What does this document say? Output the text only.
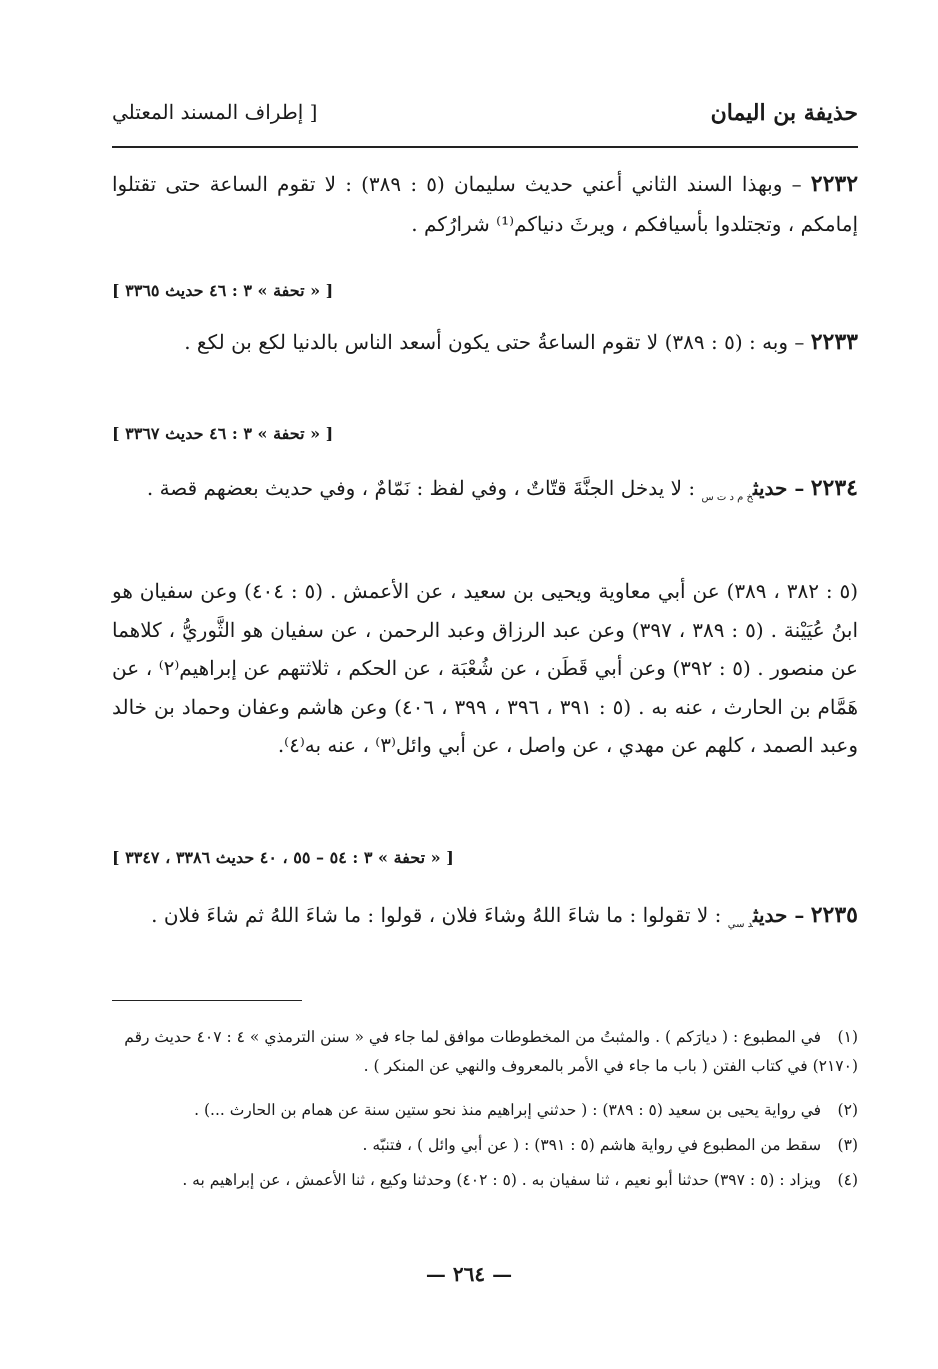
حذيفة بن اليمان
[ إطراف المسند المعتلي
٢٢٣٢ – وبهذا السند الثاني أعني حديث سليمان (٥ : ٣٨٩) : لا تقوم الساعة حتى تقتلوا إمامكم ، وتجتلدوا بأسيافكم ، ويرثَ دنياكم⁽¹⁾ شرارُكم .
[ « تحفة » ٣ : ٤٦ حديث ٣٣٦٥ ]
٢٢٣٣ – وبه : (٥ : ٣٨٩) لا تقوم الساعةُ حتى يكون أسعد الناس بالدنيا لكع بن لكع .
[ « تحفة » ٣ : ٤٦ حديث ٣٣٦٧ ]
٢٢٣٤ – حديث$_{خ م د ت س}$ : لا يدخل الجنَّةَ قتّاتٌ ، وفي لفظ : نَمّامٌ ، وفي حديث بعضهم قصة .
(٥ : ٣٨٢ ، ٣٨٩) عن أبي معاوية ويحيى بن سعيد ، عن الأعمش . (٥ : ٤٠٤) وعن سفيان هو ابنُ عُيَيْنة . (٥ : ٣٨٩ ، ٣٩٧) وعن عبد الرزاق وعبد الرحمن ، عن سفيان هو الثَّوريُّ ، كلاهما عن منصور . (٥ : ٣٩٢) وعن أبي قَطَن ، عن شُعْبَة ، عن الحكم ، ثلاثتهم عن إبراهيم⁽٢⁾ ، عن هَمَّام بن الحارث ، عنه به . (٥ : ٣٩١ ، ٣٩٦ ، ٣٩٩ ، ٤٠٦) وعن هاشم وعفان وحماد بن خالد وعبد الصمد ، كلهم عن مهدي ، عن واصل ، عن أبي وائل⁽٣⁾ ، عنه به⁽٤⁾.
[ « تحفة » ٣ : ٥٤ – ٥٥ ، ٤٠ حديث ٣٣٨٦ ، ٣٣٤٧ ]
٢٢٣٥ – حديث$_{د سي}$ : لا تقولوا : ما شاءَ اللهُ وشاءَ فلان ، قولوا : ما شاءَ اللهُ ثم شاءَ فلان .
(١) في المطبوع : ( ديارَكم ) . والمثبتُ من المخطوطات موافق لما جاء في « سنن الترمذي » ٤ : ٤٠٧ حديث رقم (٢١٧٠) في كتاب الفتن ( باب ما جاء في الأمر بالمعروف والنهي عن المنكر ) .
(٢) في رواية يحيى بن سعيد (٥ : ٣٨٩) : ( حدثني إبراهيم منذ نحو ستين سنة عن همام بن الحارث ...) .
(٣) سقط من المطبوع في رواية هاشم (٥ : ٣٩١) : ( عن أبي وائل ) ، فتنبّه .
(٤) ويزاد : (٥ : ٣٩٧) حدثنا أبو نعيم ، ثنا سفيان به . (٥ : ٤٠٢) وحدثنا وكيع ، ثنا الأعمش ، عن إبراهيم به .
— ٢٦٤ —
